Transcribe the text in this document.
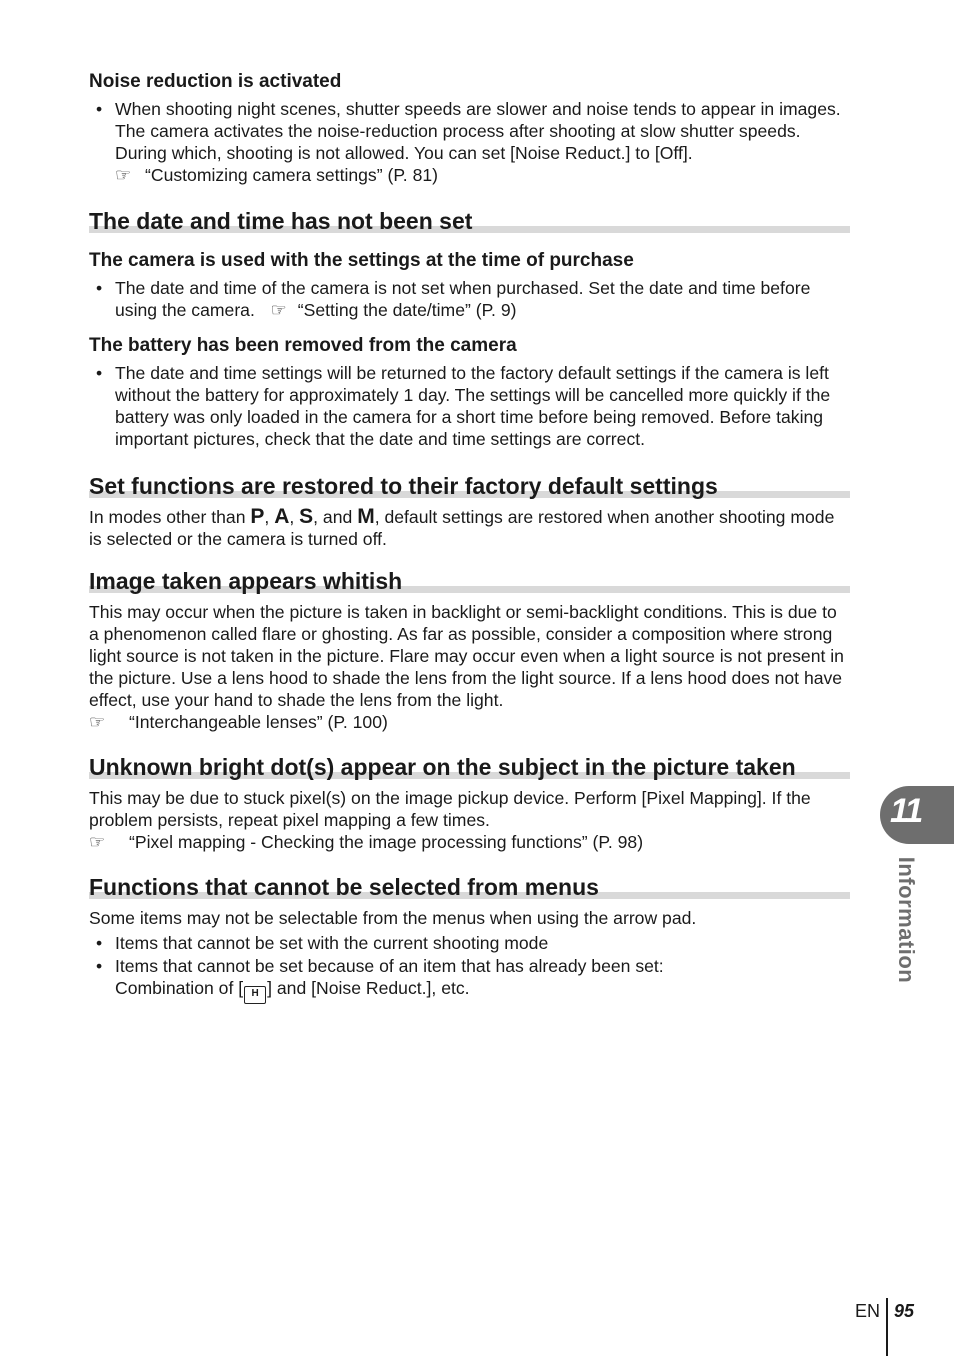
Noise reduction is activated
• When shooting night scenes, shutter speeds are slower and noise tends to appear in images. The camera activates the noise-reduction process after shooting at slow shutter speeds. During which, shooting is not allowed. You can set [Noise Reduct.] to [Off].
☞ “Customizing camera settings” (P. 81)
The date and time has not been set
The camera is used with the settings at the time of purchase
• The date and time of the camera is not set when purchased. Set the date and time before using the camera. ☞ “Setting the date/time” (P. 9)
The battery has been removed from the camera
• The date and time settings will be returned to the factory default settings if the camera is left without the battery for approximately 1 day. The settings will be cancelled more quickly if the battery was only loaded in the camera for a short time before being removed. Before taking important pictures, check that the date and time settings are correct.
Set functions are restored to their factory default settings

In modes other than P, A, S, and M, default settings are restored when another shooting mode is selected or the camera is turned off.

Image taken appears whitish

This may occur when the picture is taken in backlight or semi-backlight conditions. This is due to a phenomenon called flare or ghosting. As far as possible, consider a composition where strong light source is not taken in the picture. Flare may occur even when a light source is not present in the picture. Use a lens hood to shade the lens from the light source. If a lens hood does not have effect, use your hand to shade the lens from the light.

☞ “Interchangeable lenses” (P. 100)

Unknown bright dot(s) appear on the subject in the picture taken

This may be due to stuck pixel(s) on the image pickup device. Perform [Pixel Mapping]. If the problem persists, repeat pixel mapping a few times.

☞ “Pixel mapping - Checking the image processing functions” (P. 98)

Functions that cannot be selected from menus

Some items may not be selectable from the menus when using the arrow pad.

• Items that cannot be set with the current shooting mode
• Items that cannot be set because of an item that has already been set:
Combination of [ H ] and [Noise Reduct.], etc.
11
Information
EN 95
